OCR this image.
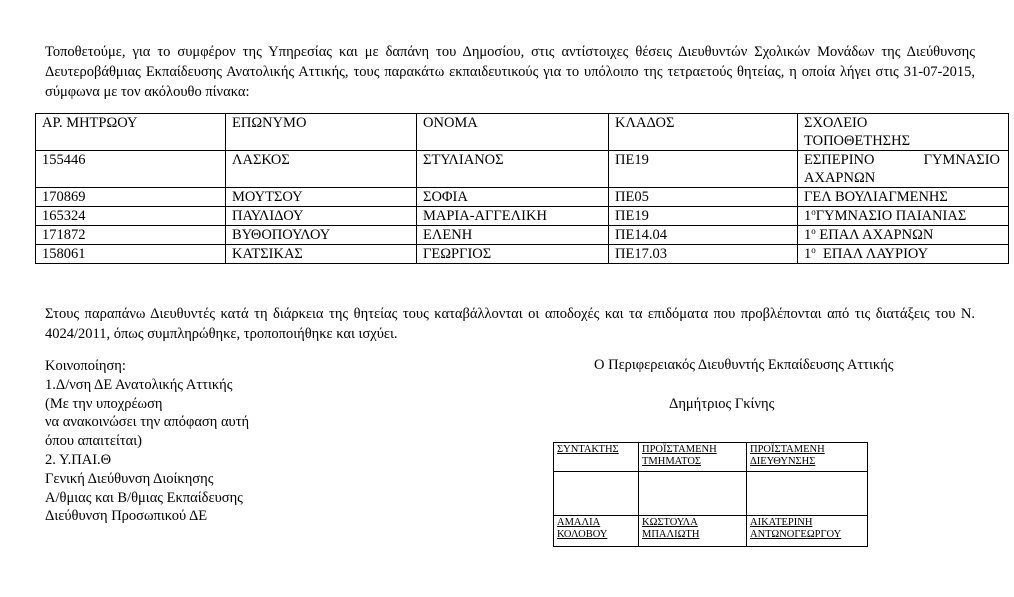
Τοποθετούμε, για το συμφέρον της Υπηρεσίας και με δαπάνη του Δημοσίου, στις αντίστοιχες θέσεις Διευθυντών Σχολικών Μονάδων της Διεύθυνσης Δευτεροβάθμιας Εκπαίδευσης Ανατολικής Αττικής, τους παρακάτω εκπαιδευτικούς για το υπόλοιπο της τετραετούς θητείας, η οποία λήγει στις 31-07-2015, σύμφωνα με τον ακόλουθο πίνακα:
ΑΡ. ΜΗΤΡΩΟΥ	ΕΠΩΝΥΜΟ	ΟΝΟΜΑ	ΚΛΑΔΟΣ	ΣΧΟΛΕΙΟ ΤΟΠΟΘΕΤΗΣΗΣ
155446	ΛΑΣΚΟΣ	ΣΤΥΛΙΑΝΟΣ	ΠΕ19	ΕΣΠΕΡΙΝΟ ΓΥΜΝΑΣΙΟ ΑΧΑΡΝΩΝ

170869	ΜΟΥΤΣΟΥ	ΣΟΦΙΑ	ΠΕ05	ΓΕΛ ΒΟΥΛΙΑΓΜΕΝΗΣ
165324	ΠΑΥΛΙΔΟΥ	ΜΑΡΙΑ-ΑΓΓΕΛΙΚΗ	ΠΕ19	$1^o\Gamma\Upsilon MNA\Sigma IO$ ΠΑΙΑΝΙΑΣ
171872	ΒΥΘΟΠΟΥΛΟΥ	ΕΛΕΝΗ	ΠΕ14.04	$1^o$ ΕΠΑΛ ΑΧΑΡΝΩΝ
158061	ΚΑΤΣΙΚΑΣ	ΓΕΩΡΓΙΟΣ	ΠΕ17.03	$1^o$  ΕΠΑΛ ΛΑΥΡΙΟΥ
Στους παραπάνω Διευθυντές κατά τη διάρκεια της θητείας τους καταβάλλονται οι αποδοχές και τα επιδόματα που προβλέπονται από τις διατάξεις του Ν. 4024/2011, όπως συμπληρώθηκε, τροποποιήθηκε και ισχύει.
Κοινοποίηση:
1.Δ/νση ΔΕ Ανατολικής Αττικής
(Με την υποχρέωση
να ανακοινώσει την απόφαση αυτή
όπου απαιτείται)
2. Υ.ΠΑΙ.Θ
Γενική Διεύθυνση Διοίκησης
Α/θμιας και Β/θμιας Εκπαίδευσης
Διεύθυνση Προσωπικού ΔΕ
Ο Περιφερειακός Διευθυντής Εκπαίδευσης Αττικής
Δημήτριος Γκίνης
ΣΥΝΤΑΚΤΗΣ	ΠΡΟΪΣΤΑΜΕΝΗ ΤΜΗΜΑΤΟΣ	ΠΡΟΪΣΤΑΜΕΝΗ ΔΙΕΥΘΥΝΣΗΣ

ΑΜΑΛΙΑ ΚΟΛΟΒΟΥ	ΚΩΣΤΟΥΛΑ ΜΠΑΛΙΩΤΗ	ΑΙΚΑΤΕΡΙΝΗ ΑΝΤΩΝΟΓΕΩΡΓΟΥ
